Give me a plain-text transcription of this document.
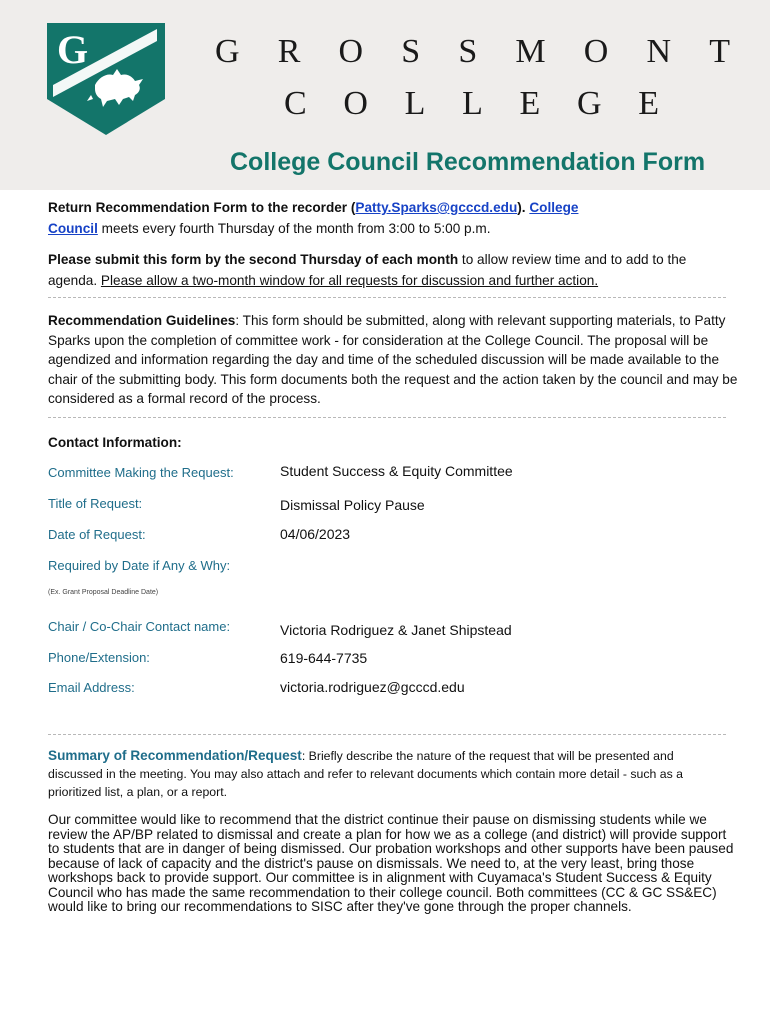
G	GROSSMONT
COLLEGE
College Council Recommendation Form
Return Recommendation Form to the recorder (Patty.Sparks@gcccd.edu). College
Council meets every fourth Thursday of the month from 3:00 to 5:00 p.m.
Please submit this form by the second Thursday of each month to allow review time and to add to the agenda. Please allow a two-month window for all requests for discussion and further action.
Recommendation Guidelines: This form should be submitted, along with relevant supporting materials, to Patty Sparks upon the completion of committee work - for consideration at the College Council. The proposal will be agendized and information regarding the day and time of the scheduled discussion will be made available to the chair of the submitting body. This form documents both the request and the action taken by the council and may be considered as a formal record of the process.
Contact Information:
Committee Making the Request:	Student Success & Equity Committee
Title of Request:	Dismissal Policy Pause
Date of Request:	04/06/2023
Required by Date if Any & Why:
(Ex. Grant Proposal Deadline Date)
Chair / Co-Chair Contact name:	Victoria Rodriguez & Janet Shipstead
Phone/Extension:	619-644-7735
Email Address:	victoria.rodriguez@gcccd.edu
Summary of Recommendation/Request: Briefly describe the nature of the request that will be presented and discussed in the meeting. You may also attach and refer to relevant documents which contain more detail - such as a prioritized list, a plan, or a report.
Our committee would like to recommend that the district continue their pause on dismissing students while we review the AP/BP related to dismissal and create a plan for how we as a college (and district) will provide support to students that are in danger of being dismissed. Our probation workshops and other supports have been paused because of lack of capacity and the district's pause on dismissals. We need to, at the very least, bring those workshops back to provide support. Our committee is in alignment with Cuyamaca's Student Success & Equity Council who has made the same recommendation to their college council. Both committees (CC & GC SS&EC) would like to bring our recommendations to SISC after they've gone through the proper channels.
